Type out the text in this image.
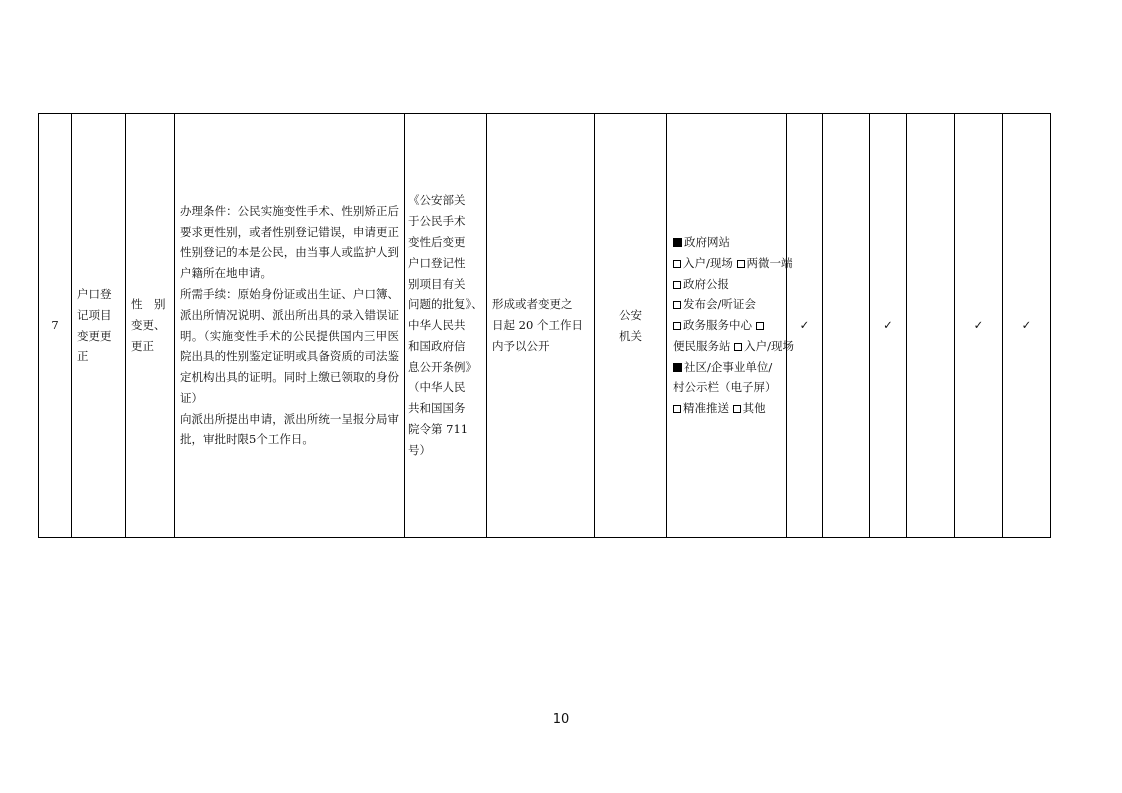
7	
户口登
记项目
变更更
正

性　别
变更、
更正

办理条件：公民实施变性手术、性别矫正后要求更性别，或者性别登记错误，申请更正性别登记的本是公民，由当事人或监护人到户籍所在地申请。
所需手续：原始身份证或出生证、户口簿、派出所情况说明、派出所出具的录入错误证明。（实施变性手术的公民提供国内三甲医院出具的性别鉴定证明或具备资质的司法鉴定机构出具的证明。同时上缴已领取的身份证）
向派出所提出申请，派出所统一呈报分局审批，审批时限5个工作日。

《公安部关
于公民手术
变性后变更
户口登记性
别项目有关
问题的批复》、
中华人民共
和国政府信
息公开条例》
（中华人民
共和国国务
院令第 711
号）

形成或者变更之
日起 20 个工作日
内予以公开

公安
机关

政府网站
入户/现场 两微一端
政府公报
发布会/听证会
政务服务中心
便民服务站 入户/现场
社区/企事业单位/村公示栏（电子屏）
精准推送 其他
	✓		✓		✓	✓
10
